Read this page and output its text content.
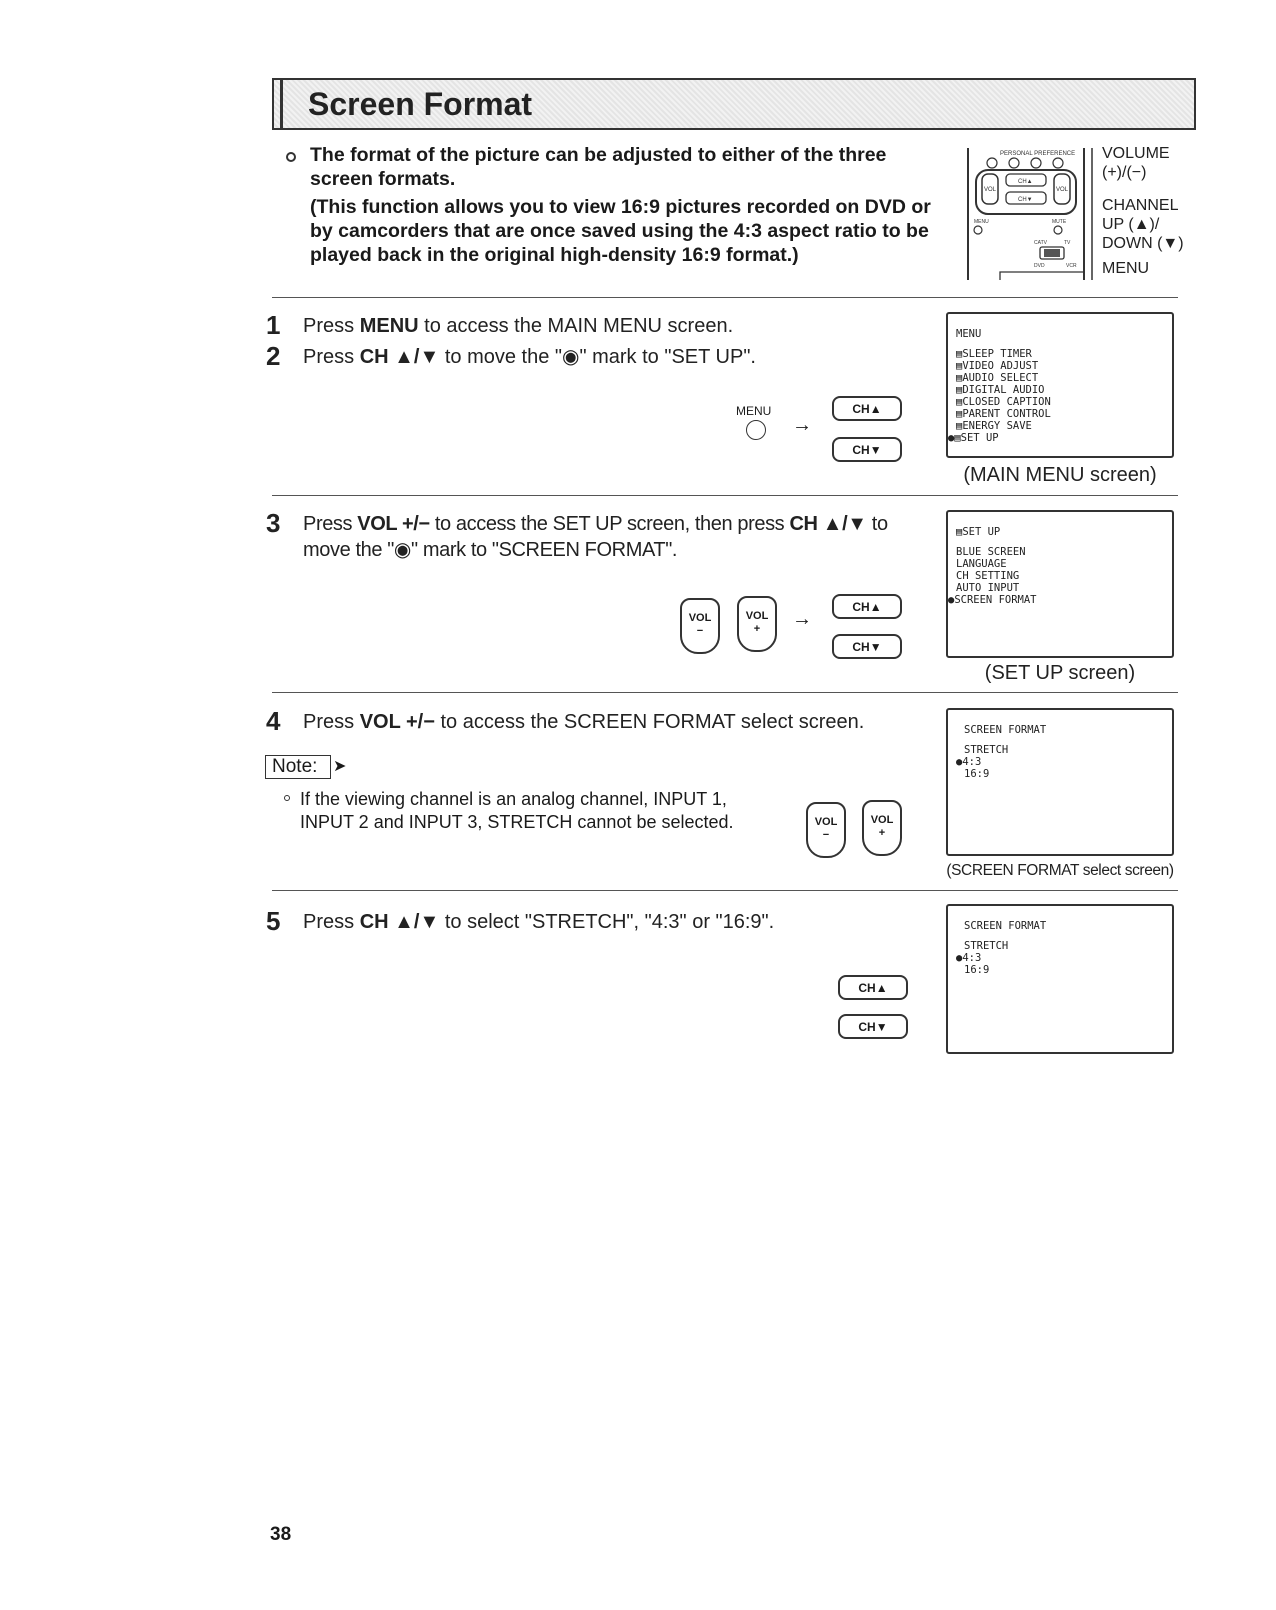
Screen Format

The format of the picture can be adjusted to either of the three screen formats.

(This function allows you to view 16:9 pictures recorded on DVD or by camcorders that are once saved using the 4:3 aspect ratio to be played back in the original high-density 16:9 format.)

PERSONAL PREFERENCE
VOL	VOL
CH▲
CH▼
MENU	MUTE
CATV	TV
DVD	VCR
VOLUME
(+)/(−)
CHANNEL
UP (▲)/
DOWN (▼)
MENU
1 Press MENU to access the MAIN MENU screen.
2 Press CH ▲/▼ to move the "◉" mark to "SET UP".
MENU
→
CH▲
CH▼
MENU
▤SLEEP TIMER
▤VIDEO ADJUST
▤AUDIO SELECT
▤DIGITAL AUDIO
▤CLOSED CAPTION
▤PARENT CONTROL
▤ENERGY SAVE
●▤SET UP
(MAIN MENU screen)
3 Press VOL +/− to access the SET UP screen, then press CH ▲/▼ to move the "◉" mark to "SCREEN FORMAT".
VOL
−
VOL
+	→
CH▲
CH▼
▤SET UP
BLUE SCREEN
LANGUAGE
CH SETTING
AUTO INPUT
●SCREEN FORMAT
(SET UP screen)
4 Press VOL +/− to access the SCREEN FORMAT select screen.
Note: ➤
If the viewing channel is an analog channel, INPUT 1, INPUT 2 and INPUT 3, STRETCH cannot be selected.	VOL
−
VOL
+
SCREEN FORMAT
STRETCH
●4:3
16:9
(SCREEN FORMAT select screen)
5 Press CH ▲/▼ to select "STRETCH", "4:3" or "16:9".
CH▲
CH▼
SCREEN FORMAT
STRETCH
●4:3
16:9
38
